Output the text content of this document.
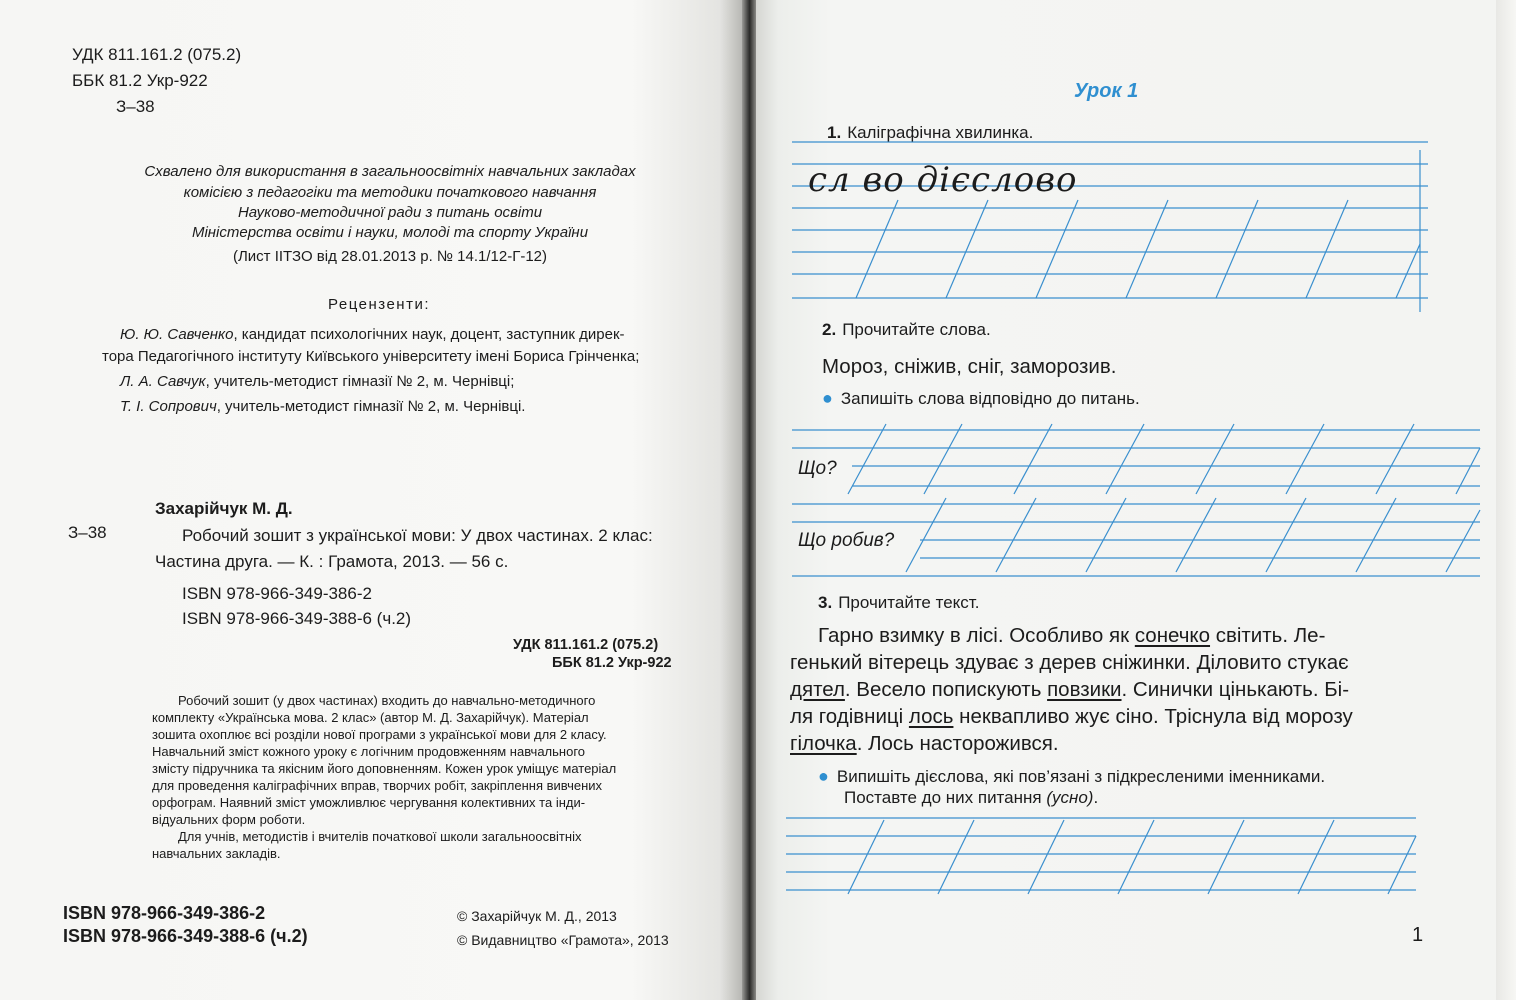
УДК 811.161.2 (075.2)
ББК 81.2 Укр-922
З–38
Схвалено для використання в загальноосвітніх навчальних закладах
комісією з педагогіки та методики початкового навчання
Науково-методичної ради з питань освіти
Міністерства освіти і науки, молоді та спорту України
(Лист ІІТЗО від 28.01.2013 р. № 14.1/12-Г-12)
Рецензенти:
Ю. Ю. Савченко, кандидат психологічних наук, доцент, заступник дирек-
тора Педагогічного інституту Київського університету імені Бориса Грінченка;
Л. А. Савчук, учитель-методист гімназії № 2, м. Чернівці;
Т. І. Сопрович, учитель-методист гімназії № 2, м. Чернівці.
Захарійчук М. Д.
З–38	Робочий зошит з української мови: У двох частинах. 2 клас:
Частина друга. — К. : Грамота, 2013. — 56 с.
ISBN 978-966-349-386-2
ISBN 978-966-349-388-6 (ч.2)
УДК 811.161.2 (075.2)
ББК 81.2 Укр-922
Робочий зошит (у двох частинах) входить до навчально-методичного
комплекту «Українська мова. 2 клас» (автор М. Д. Захарійчук). Матеріал
зошита охоплює всі розділи нової програми з української мови для 2 класу.
Навчальний зміст кожного уроку є логічним продовженням навчального
змісту підручника та якісним його доповненням. Кожен урок уміщує матеріал
для проведення каліграфічних вправ, творчих робіт, закріплення вивчених
орфограм. Наявний зміст уможливлює чергування колективних та інди-
відуальних форм роботи.
Для учнів, методистів і вчителів початкової школи загальноосвітніх
навчальних закладів.
ISBN 978-966-349-386-2
ISBN 978-966-349-388-6 (ч.2)
© Захарійчук М. Д., 2013
© Видавництво «Грамота», 2013
Урок 1
1. Каліграфічна хвилинка.
сл во дієслово
2. Прочитайте слова.
Мороз, сніжив, сніг, заморозив.
● Запишіть слова відповідно до питань.
Що?
Що робив?
3. Прочитайте текст.
Гарно взимку в лісі. Особливо як сонечко світить. Ле-
генький вітерець здуває з дерев сніжинки. Діловито стукає
дятел. Весело попискують повзики. Синички цінькають. Бі-
ля годівниці лось неквапливо жує сіно. Тріснула від морозу
гілочка. Лось насторожився.
● Випишіть дієслова, які пов’язані з підкресленими іменниками.
Поставте до них питання (усно).
1
